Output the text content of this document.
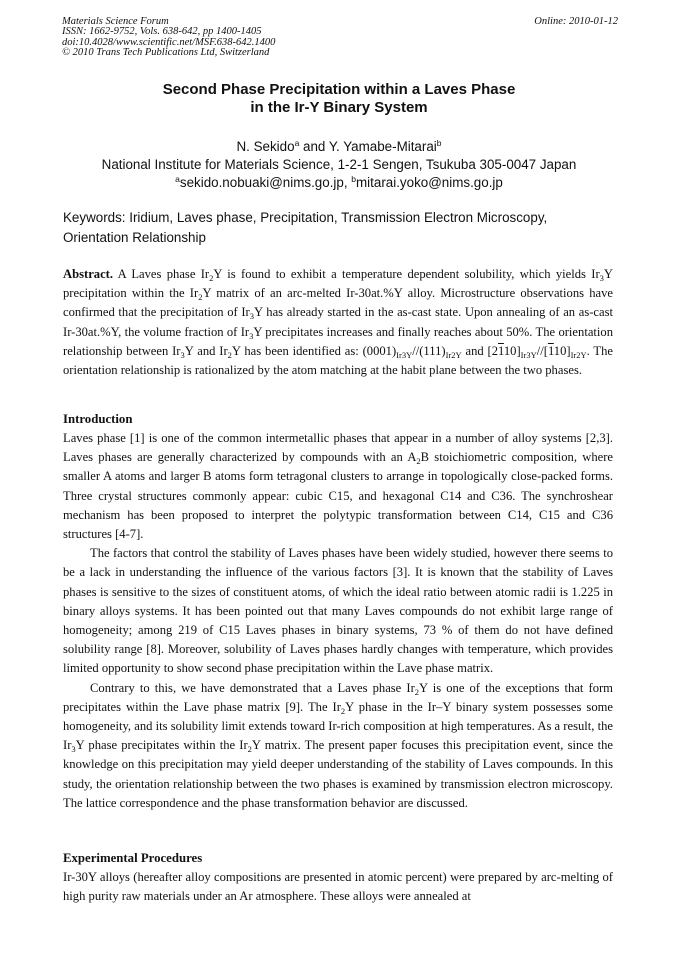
Materials Science Forum
ISSN: 1662-9752, Vols. 638-642, pp 1400-1405
doi:10.4028/www.scientific.net/MSF.638-642.1400
© 2010 Trans Tech Publications Ltd, Switzerland
Online: 2010-01-12
Second Phase Precipitation within a Laves Phase
in the Ir-Y Binary System
N. Sekido$^a$ and Y. Yamabe-Mitarai$^b$
National Institute for Materials Science, 1-2-1 Sengen, Tsukuba 305-0047 Japan
$^a$sekido.nobuaki@nims.go.jp, $^b$mitarai.yoko@nims.go.jp
Keywords: Iridium, Laves phase, Precipitation, Transmission Electron Microscopy,
Orientation Relationship

Abstract. A Laves phase $Ir_2Y$ is found to exhibit a temperature dependent solubility, which yields $Ir_3Y$ precipitation within the $Ir_2Y$ matrix of an arc-melted Ir-30at.%Y alloy. Microstructure observations have confirmed that the precipitation of $Ir_3Y$ has already started in the as-cast state. Upon annealing of an as-cast Ir-30at.%Y, the volume fraction of $Ir_3Y$ precipitates increases and finally reaches about 50%. The orientation relationship between $Ir_3Y$ and $Ir_2Y$ has been identified as: $(0001)_{Ir3Y}//(111)_{Ir2Y}$ and $[2110]_{Ir3Y}//[110]_{Ir2Y}$. The orientation relationship is rationalized by the atom matching at the habit plane between the two phases.

Introduction

Laves phase [1] is one of the common intermetallic phases that appear in a number of alloy systems [2,3]. Laves phases are generally characterized by compounds with an $A_2B$ stoichiometric composition, where smaller A atoms and larger B atoms form tetragonal clusters to arrange in topologically close-packed forms. Three crystal structures commonly appear: cubic C15, and hexagonal C14 and C36. The synchroshear mechanism has been proposed to interpret the polytypic transformation between C14, C15 and C36 structures [4-7].

The factors that control the stability of Laves phases have been widely studied, however there seems to be a lack in understanding the influence of the various factors [3]. It is known that the stability of Laves phases is sensitive to the sizes of constituent atoms, of which the ideal ratio between atomic radii is 1.225 in binary alloys systems. It has been pointed out that many Laves compounds do not exhibit large range of homogeneity; among 219 of C15 Laves phases in binary systems, 73 % of them do not have defined solubility range [8]. Moreover, solubility of Laves phases hardly changes with temperature, which provides limited opportunity to show second phase precipitation within the Lave phase matrix.

Contrary to this, we have demonstrated that a Laves phase $Ir_2Y$ is one of the exceptions that form precipitates within the Lave phase matrix [9]. The $Ir_2Y$ phase in the Ir–Y binary system possesses some homogeneity, and its solubility limit extends toward Ir-rich composition at high temperatures. As a result, the $Ir_3Y$ phase precipitates within the $Ir_2Y$ matrix. The present paper focuses this precipitation event, since the knowledge on this precipitation may yield deeper understanding of the stability of Laves compounds. In this study, the orientation relationship between the two phases is examined by transmission electron microscopy. The lattice correspondence and the phase transformation behavior are discussed.

Experimental Procedures

Ir-30Y alloys (hereafter alloy compositions are presented in atomic percent) were prepared by arc-melting of high purity raw materials under an Ar atmosphere. These alloys were annealed at
